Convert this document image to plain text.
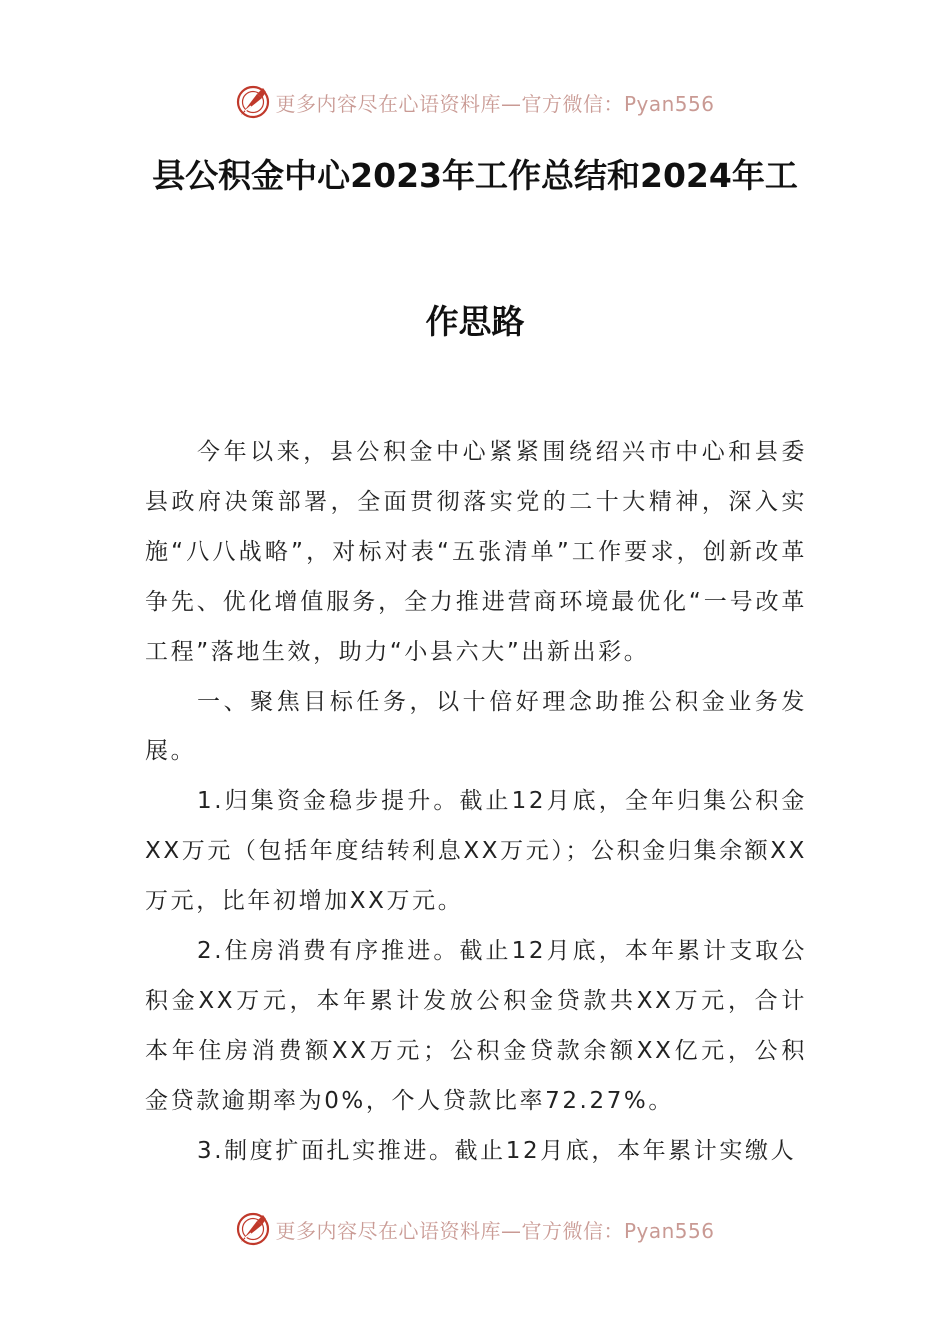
更多内容尽在心语资料库—官方微信：Pyan556
县公积金中心2023年工作总结和2024年工
作思路

今年以来，县公积金中心紧紧围绕绍兴市中心和县委县政府决策部署，全面贯彻落实党的二十大精神，深入实施“八八战略”，对标对表“五张清单”工作要求，创新改革争先、优化增值服务，全力推进营商环境最优化“一号改革工程”落地生效，助力“小县六大”出新出彩。

一、聚焦目标任务，以十倍好理念助推公积金业务发展。

1.归集资金稳步提升。截止12月底，全年归集公积金XX万元（包括年度结转利息XX万元）；公积金归集余额XX万元，比年初增加XX万元。

2.住房消费有序推进。截止12月底，本年累计支取公积金XX万元，本年累计发放公积金贷款共XX万元，合计本年住房消费额XX万元；公积金贷款余额XX亿元，公积金贷款逾期率为0%，个人贷款比率72.27%。

3.制度扩面扎实推进。截止12月底，本年累计实缴人

更多内容尽在心语资料库—官方微信：Pyan556
